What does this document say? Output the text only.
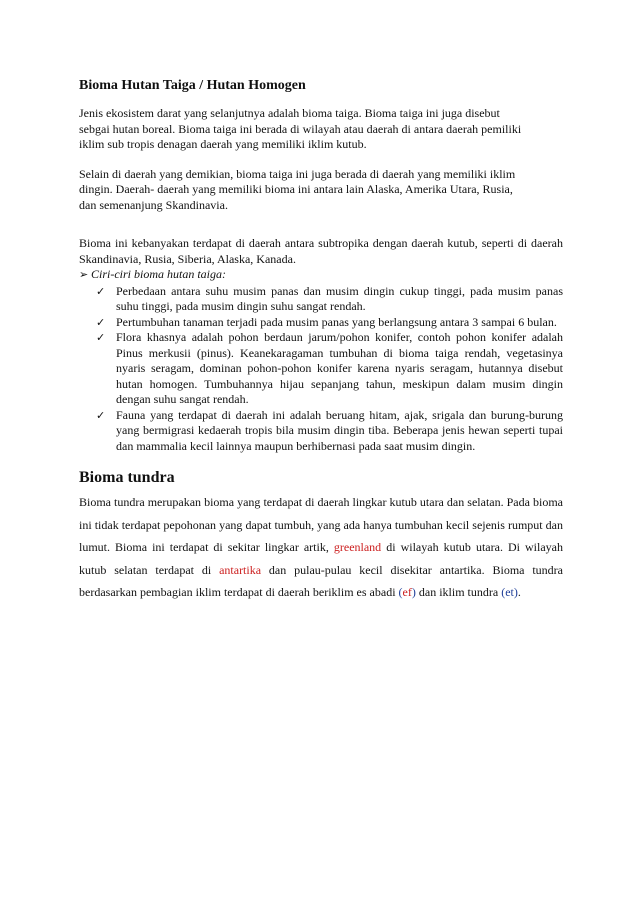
Bioma Hutan Taiga / Hutan Homogen
Jenis ekosistem darat yang selanjutnya adalah bioma taiga. Bioma taiga ini juga disebut
sebgai hutan boreal. Bioma taiga ini berada di wilayah atau daerah di antara daerah pemiliki
iklim sub tropis denagan daerah yang memiliki iklim kutub.
Selain di daerah yang demikian, bioma taiga ini juga berada di daerah yang memiliki iklim
dingin. Daerah- daerah yang memiliki bioma ini antara lain Alaska, Amerika Utara, Rusia,
dan semenanjung Skandinavia.

Bioma ini kebanyakan terdapat di daerah antara subtropika dengan daerah kutub, seperti di daerah Skandinavia, Rusia, Siberia, Alaska, Kanada.

➢ Ciri-ciri bioma hutan taiga:
✓ Perbedaan antara suhu musim panas dan musim dingin cukup tinggi, pada musim panas suhu tinggi, pada musim dingin suhu sangat rendah.
✓ Pertumbuhan tanaman terjadi pada musim panas yang berlangsung antara 3 sampai 6 bulan.
✓ Flora khasnya adalah pohon berdaun jarum/pohon konifer, contoh pohon konifer adalah Pinus merkusii (pinus). Keanekaragaman tumbuhan di bioma taiga rendah, vegetasinya nyaris seragam, dominan pohon-pohon konifer karena nyaris seragam, hutannya disebut hutan homogen. Tumbuhannya hijau sepanjang tahun, meskipun dalam musim dingin dengan suhu sangat rendah.
✓ Fauna yang terdapat di daerah ini adalah beruang hitam, ajak, srigala dan burung-burung yang bermigrasi kedaerah tropis bila musim dingin tiba. Beberapa jenis hewan seperti tupai dan mammalia kecil lainnya maupun berhibernasi pada saat musim dingin.
Bioma tundra

Bioma tundra merupakan bioma yang terdapat di daerah lingkar kutub utara dan selatan. Pada bioma ini tidak terdapat pepohonan yang dapat tumbuh, yang ada hanya tumbuhan kecil sejenis rumput dan lumut. Bioma ini terdapat di sekitar lingkar artik, greenland di wilayah kutub utara. Di wilayah kutub selatan terdapat di antartika dan pulau-pulau kecil disekitar antartika. Bioma tundra berdasarkan pembagian iklim terdapat di daerah beriklim es abadi (ef) dan iklim tundra (et).
